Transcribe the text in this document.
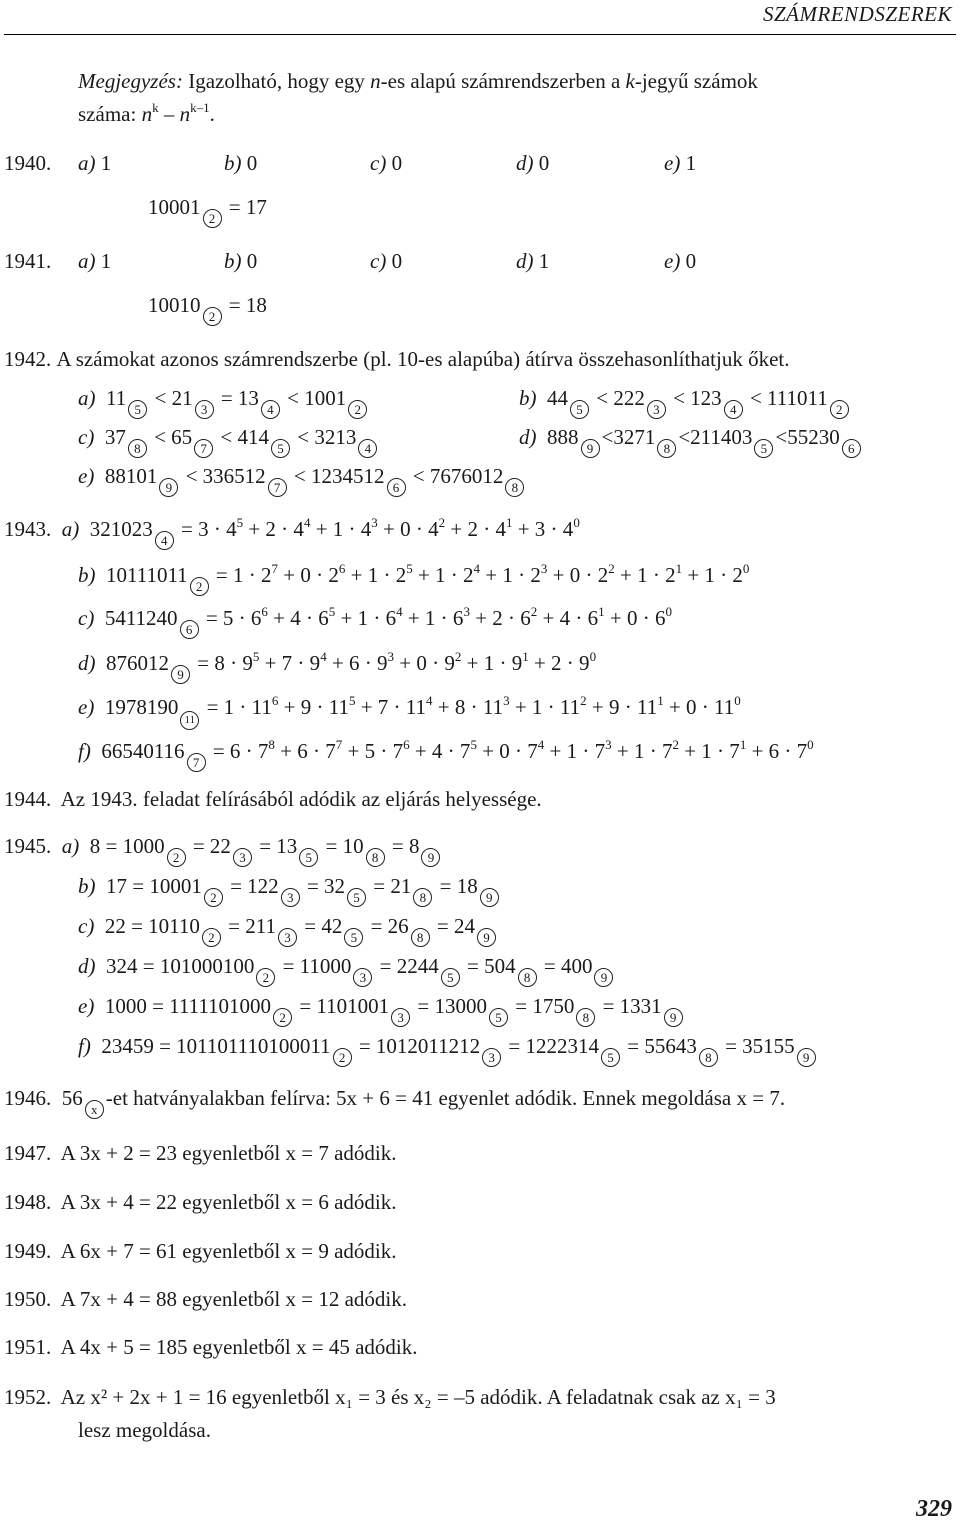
SZÁMRENDSZEREK
Megjegyzés: Igazolható, hogy egy n-es alapú számrendszerben a k-jegyű számok
száma: $n^k - n^{k-1}$.
1940. a) 1	b) 0	c) 0	d) 0	e) 1
10001 2 = 17
1941. a) 1	b) 0	c) 0	d) 1	e) 0
10010 2 = 18
1942. A számokat azonos számrendszerbe (pl. 10-es alapúba) átírva összehasonlíthatjuk őket.
a)  11 5 < 21 3 = 13 4 < 1001 2	b)  44 5 < 222 3 < 123 4 < 111011 2
c)  37 8 < 65 7 < 414 5 < 3213 4	d)  888 9 <3271 8 <211403 5 <55230 6
e)  88101 9 < 336512 7 < 1234512 6 < 7676012 8
1943. a)  321023 $4 = 3 \cdot 4^5 + 2 \cdot 4^4 + 1 \cdot 4^3 + 0 \cdot 4^2 + 2 \cdot 4^1 + 3 \cdot 4^0$
b)  10111011 $2 = 1 \cdot 2^7 + 0 \cdot 2^6 + 1 \cdot 2^5 + 1 \cdot 2^4 + 1 \cdot 2^3 + 0 \cdot 2^2 + 1 \cdot 2^1 + 1 \cdot 2^0$
c)  5411240 $6 = 5 \cdot 6^6 + 4 \cdot 6^5 + 1 \cdot 6^4 + 1 \cdot 6^3 + 2 \cdot 6^2 + 4 \cdot 6^1 + 0 \cdot 6^0$
d)  876012 $9 = 8 \cdot 9^5 + 7 \cdot 9^4 + 6 \cdot 9^3 + 0 \cdot 9^2 + 1 \cdot 9^1 + 2 \cdot 9^0$
e)  $197819011 = 1 \cdot 11^6 + 9 \cdot 11^5 + 7 \cdot 11^4 + 8 \cdot 11^3 + 1 \cdot 11^2 + 9 \cdot 11^1 + 0 \cdot 11^0$
f)  66540116 $7 = 6 \cdot 7^8 + 6 \cdot 7^7 + 5 \cdot 7^6 + 4 \cdot 7^5 + 0 \cdot 7^4 + 1 \cdot 7^3 + 1 \cdot 7^2 + 1 \cdot 7^1 + 6 \cdot 7^0$
1944. Az 1943. feladat felírásából adódik az eljárás helyessége.
1945. a)  8 = 1000 2 = 22 3 = 13 5 = 10 8 = 8 9
b)  17 = 10001 2 = 122 3 = 32 5 = 21 8 = 18 9
c)  22 = 10110 2 = 211 3 = 42 5 = 26 8 = 24 9
d)  324 = 101000100 2 = 11000 3 = 2244 5 = 504 8 = 400 9
e)  1000 = 1111101000 2 = 1101001 3 = 13000 5 = 1750 8 = 1331 9
f)  23459 = 101101110100011 2 = 1012011212 3 = 1222314 5 = 55643 8 = 35155 9
1946. 56 x -et hatványalakban felírva: 5x + 6 = 41 egyenlet adódik. Ennek megoldása x = 7.
1947. A 3x + 2 = 23 egyenletből x = 7 adódik.
1948. A 3x + 4 = 22 egyenletből x = 6 adódik.
1949. A 6x + 7 = 61 egyenletből x = 9 adódik.
1950. A 7x + 4 = 88 egyenletből x = 12 adódik.
1951. A 4x + 5 = 185 egyenletből x = 45 adódik.
1952. Az x² + 2x + 1 = 16 egyenletből x₁ = 3 és x₂ = –5 adódik. A feladatnak csak az x₁ = 3
lesz megoldása.
329
